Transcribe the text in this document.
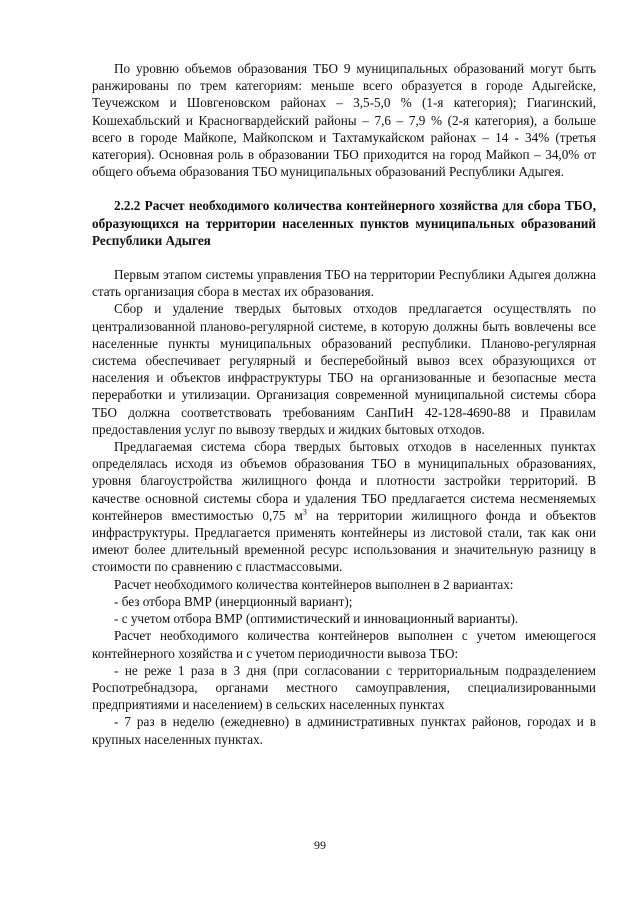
По уровню объемов образования ТБО 9 муниципальных образований могут быть ранжированы по трем категориям: меньше всего образуется в городе Адыгейске, Теучежском и Шовгеновском районах – 3,5-5,0 % (1-я категория); Гиагинский, Кошехабльский и Красногвардейский районы – 7,6 – 7,9 % (2-я категория), а больше всего в городе Майкопе, Майкопском и Тахтамукайском районах – 14 - 34% (третья категория). Основная роль в образовании ТБО приходится на город Майкоп – 34,0% от общего объема образования ТБО муниципальных образований Республики Адыгея.

2.2.2 Расчет необходимого количества контейнерного хозяйства для сбора ТБО, образующихся на территории населенных пунктов муниципальных образований Республики Адыгея

Первым этапом системы управления ТБО на территории Республики Адыгея должна стать организация сбора в местах их образования.

Сбор и удаление твердых бытовых отходов предлагается осуществлять по централизованной планово-регулярной системе, в которую должны быть вовлечены все населенные пункты муниципальных образований республики. Планово-регулярная система обеспечивает регулярный и бесперебойный вывоз всех образующихся от населения и объектов инфраструктуры ТБО на организованные и безопасные места переработки и утилизации. Организация современной муниципальной системы сбора ТБО должна соответствовать требованиям СанПиН 42-128-4690-88 и Правилам предоставления услуг по вывозу твердых и жидких бытовых отходов.

Предлагаемая система сбора твердых бытовых отходов в населенных пунктах определялась исходя из объемов образования ТБО в муниципальных образованиях, уровня благоустройства жилищного фонда и плотности застройки территорий. В качестве основной системы сбора и удаления ТБО предлагается система несменяемых контейнеров вместимостью 0,75 $м^3$ на территории жилищного фонда и объектов инфраструктуры. Предлагается применять контейнеры из листовой стали, так как они имеют более длительный временной ресурс использования и значительную разницу в стоимости по сравнению с пластмассовыми.

Расчет необходимого количества контейнеров выполнен в 2 вариантах:

- без отбора ВМР (инерционный вариант);

- с учетом отбора ВМР (оптимистический и инновационный варианты).

Расчет необходимого количества контейнеров выполнен с учетом имеющегося контейнерного хозяйства и с учетом периодичности вывоза ТБО:

- не реже 1 раза в 3 дня (при согласовании с территориальным подразделением Роспотребнадзора, органами местного самоуправления, специализированными предприятиями и населением) в сельских населенных пунктах

- 7 раз в неделю (ежедневно) в административных пунктах районов, городах и в крупных населенных пунктах.

99
